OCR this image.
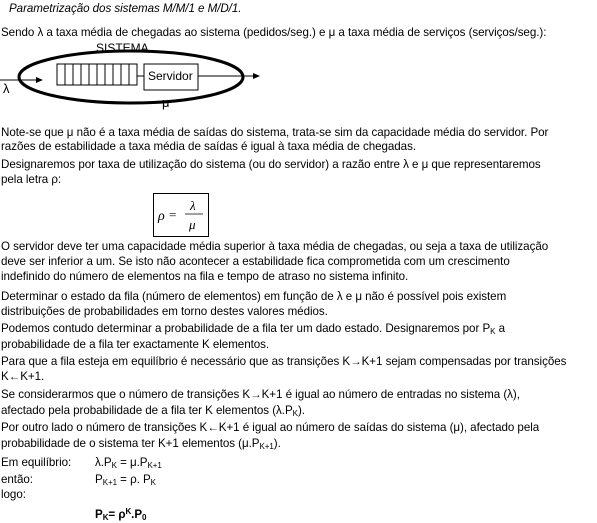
Parametrização dos sistemas M/M/1 e M/D/1.
Sendo λ a taxa média de chegadas ao sistema (pedidos/seg.) e μ a taxa média de serviços (serviços/seg.):
SISTEMA
Servidor
λ
μ
Note-se que μ não é a taxa média de saídas do sistema, trata-se sim da capacidade média do servidor. Por
razões de estabilidade a taxa média de saídas é igual à taxa média de chegadas.
Designaremos por taxa de utilização do sistema (ou do servidor) a razão entre λ e μ que representaremos
pela letra ρ:
ρ =
λ
μ
O servidor deve ter uma capacidade média superior à taxa média de chegadas, ou seja a taxa de utilização
deve ser inferior a um. Se isto não acontecer a estabilidade fica comprometida com um crescimento
indefinido do número de elementos na fila e tempo de atraso no sistema infinito.
Determinar o estado da fila (número de elementos) em função de λ e μ não é possível pois existem
distribuições de probabilidades em torno destes valores médios.
Podemos contudo determinar a probabilidade de a fila ter um dado estado. Designaremos por $P_K$ a
probabilidade de a fila ter exactamente K elementos.
Para que a fila esteja em equilíbrio é necessário que as transições K→K+1 sejam compensadas por transições
K←K+1.
Se considerarmos que o número de transições K→K+1 é igual ao número de entradas no sistema (λ),
afectado pela probabilidade de a fila ter K elementos $(\lambda.P_K)$.
Por outro lado o número de transições K←K+1 é igual ao número de saídas do sistema (μ), afectado pela
probabilidade de o sistema ter K+1 elementos $(\mu.P_{K+1})$.
Em equilíbrio: $\lambda.P_K = \mu.P_{K+1}$
então:	$P_{K+1} = \rho$. $P_K$
logo:
$P_K= \rho^K.P_0$
